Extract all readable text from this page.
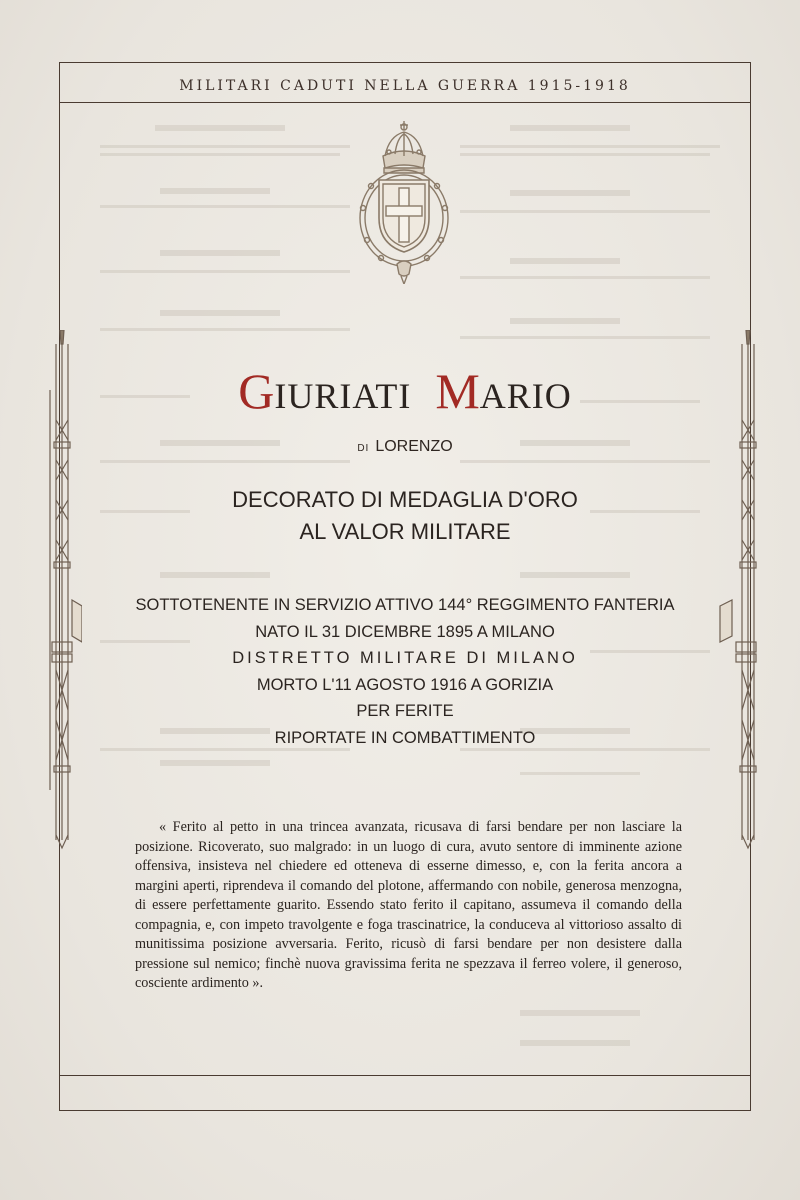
MILITARI CADUTI NELLA GUERRA 1915-1918
GIURIATI MARIO
DI LORENZO
DECORATO DI MEDAGLIA D'ORO
AL VALOR MILITARE
SOTTOTENENTE IN SERVIZIO ATTIVO 144° REGGIMENTO FANTERIA
NATO IL 31 DICEMBRE 1895 A MILANO
DISTRETTO MILITARE DI MILANO
MORTO L'11 AGOSTO 1916 A GORIZIA
PER FERITE
RIPORTATE IN COMBATTIMENTO
« Ferito al petto in una trincea avanzata, ricusava di farsi bendare per non lasciare la posizione. Ricoverato, suo malgrado: in un luogo di cura, avuto sentore di imminente azione offensiva, insisteva nel chiedere ed otteneva di esserne dimesso, e, con la ferita ancora a margini aperti, riprendeva il comando del plotone, affermando con nobile, generosa menzogna, di essere perfettamente guarito. Essendo stato ferito il capitano, assumeva il comando della compagnia, e, con impeto travolgente e foga trascinatrice, la conduceva al vittorioso assalto di munitissima posizione avversaria. Ferito, ricusò di farsi bendare per non desistere dalla pressione sul nemico; finchè nuova gravissima ferita ne spezzava il ferreo volere, il generoso, cosciente ardimento ».
